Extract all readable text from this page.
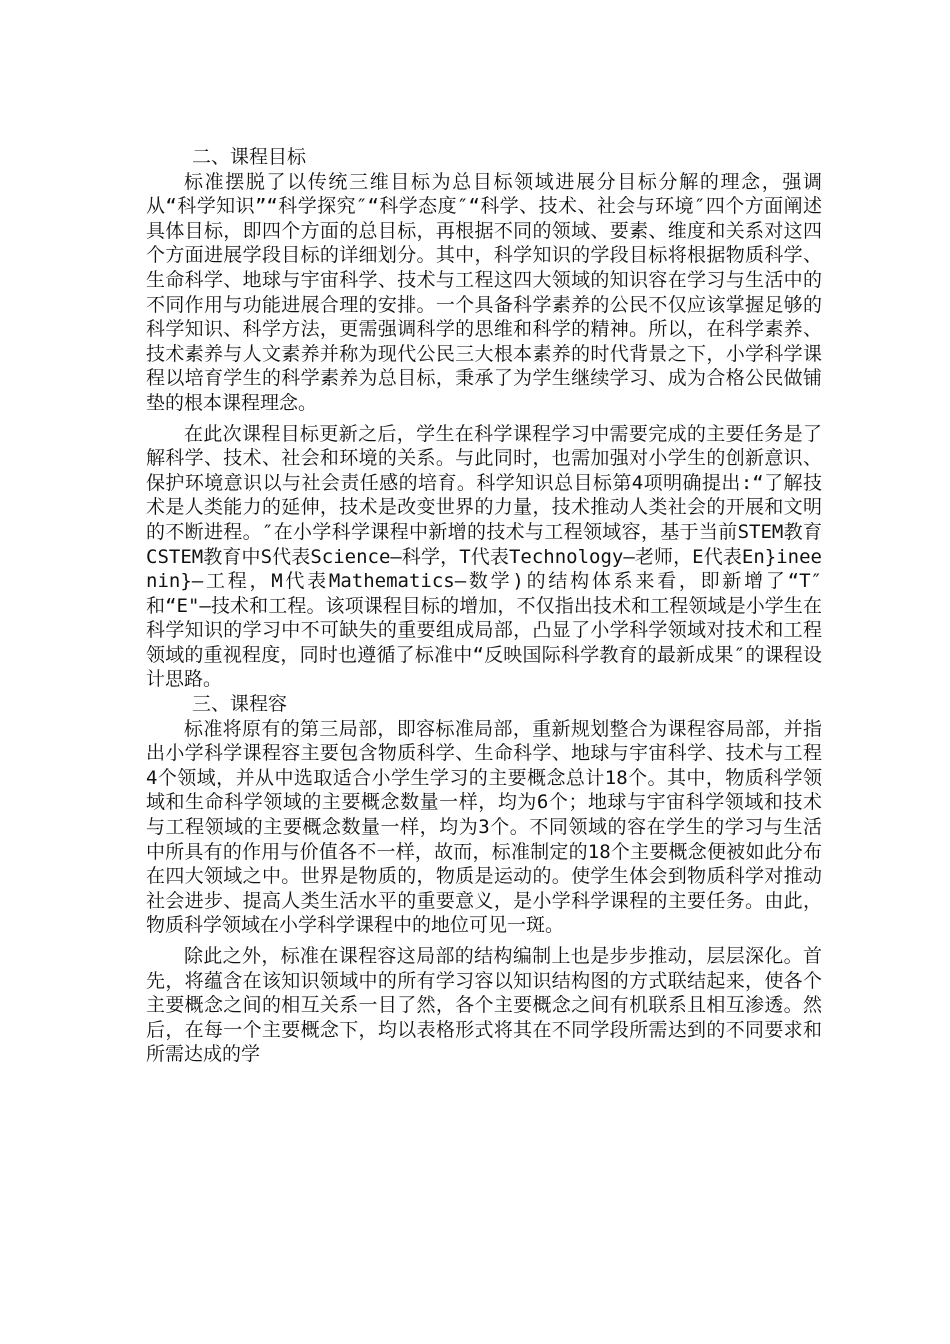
二、课程目标

标准摆脱了以传统三维目标为总目标领域进展分目标分解的理念，强调从“科学知识”“科学探究″“科学态度″“科学、技术、社会与环境″四个方面阐述具体目标，即四个方面的总目标，再根据不同的领域、要素、维度和关系对这四个方面进展学段目标的详细划分。其中，科学知识的学段目标将根据物质科学、生命科学、地球与宇宙科学、技术与工程这四大领域的知识容在学习与生活中的不同作用与功能进展合理的安排。一个具备科学素养的公民不仅应该掌握足够的科学知识、科学方法，更需强调科学的思维和科学的精神。所以，在科学素养、技术素养与人文素养并称为现代公民三大根本素养的时代背景之下，小学科学课程以培育学生的科学素养为总目标，秉承了为学生继续学习、成为合格公民做铺垫的根本课程理念。

在此次课程目标更新之后，学生在科学课程学习中需要完成的主要任务是了解科学、技术、社会和环境的关系。与此同时，也需加强对小学生的创新意识、保护环境意识以与社会责任感的培育。科学知识总目标第4项明确提出:“了解技术是人类能力的延伸，技术是改变世界的力量，技术推动人类社会的开展和文明的不断进程。″在小学科学课程中新增的技术与工程领域容，基于当前STEM教育CSTEM教育中S代表Science—科学，T代表Technology—老师，E代表En}ineenin}—工程，M代表Mathematics—数学)的结构体系来看，即新增了“T″和“E"—技术和工程。该项课程目标的增加，不仅指出技术和工程领域是小学生在科学知识的学习中不可缺失的重要组成局部，凸显了小学科学领域对技术和工程领域的重视程度，同时也遵循了标准中“反映国际科学教育的最新成果″的课程设计思路。

三、课程容

标准将原有的第三局部，即容标准局部，重新规划整合为课程容局部，并指出小学科学课程容主要包含物质科学、生命科学、地球与宇宙科学、技术与工程4个领域，并从中选取适合小学生学习的主要概念总计18个。其中，物质科学领域和生命科学领域的主要概念数量一样，均为6个；地球与宇宙科学领域和技术与工程领域的主要概念数量一样，均为3个。不同领域的容在学生的学习与生活中所具有的作用与价值各不一样，故而，标准制定的18个主要概念便被如此分布在四大领域之中。世界是物质的，物质是运动的。使学生体会到物质科学对推动社会进步、提高人类生活水平的重要意义，是小学科学课程的主要任务。由此，物质科学领域在小学科学课程中的地位可见一斑。

除此之外，标准在课程容这局部的结构编制上也是步步推动，层层深化。首先，将蕴含在该知识领域中的所有学习容以知识结构图的方式联结起来，使各个主要概念之间的相互关系一目了然，各个主要概念之间有机联系且相互渗透。然后，在每一个主要概念下，均以表格形式将其在不同学段所需达到的不同要求和所需达成的学
